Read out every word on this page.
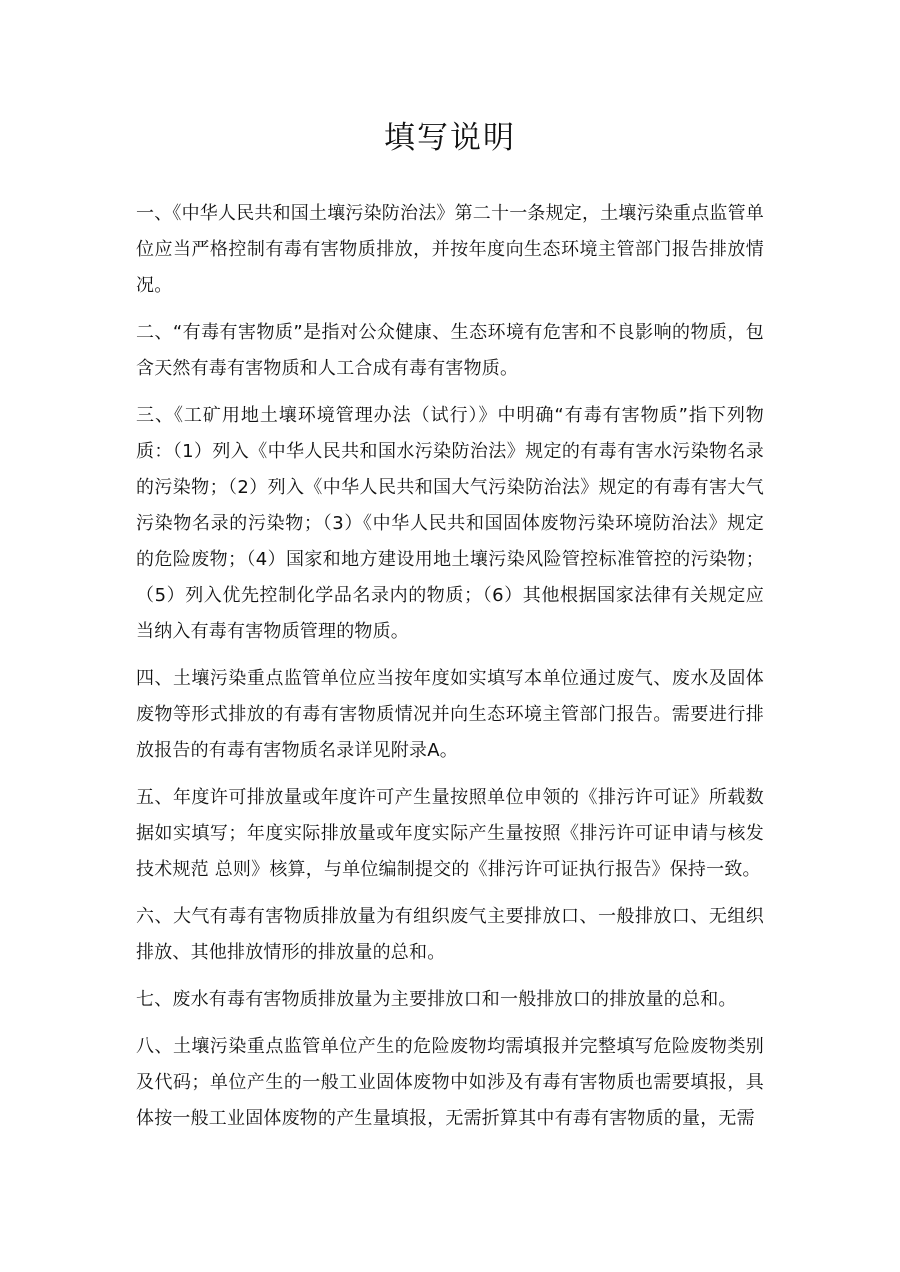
填写说明

一、《中华人民共和国土壤污染防治法》第二十一条规定，土壤污染重点监管单位应当严格控制有毒有害物质排放，并按年度向生态环境主管部门报告排放情况。

二、“有毒有害物质”是指对公众健康、生态环境有危害和不良影响的物质，包含天然有毒有害物质和人工合成有毒有害物质。

三、《工矿用地土壤环境管理办法（试行）》中明确“有毒有害物质”指下列物质：（1）列入《中华人民共和国水污染防治法》规定的有毒有害水污染物名录的污染物；（2）列入《中华人民共和国大气污染防治法》规定的有毒有害大气污染物名录的污染物；（3）《中华人民共和国固体废物污染环境防治法》规定的危险废物；（4）国家和地方建设用地土壤污染风险管控标准管控的污染物；（5）列入优先控制化学品名录内的物质；（6）其他根据国家法律有关规定应当纳入有毒有害物质管理的物质。

四、土壤污染重点监管单位应当按年度如实填写本单位通过废气、废水及固体废物等形式排放的有毒有害物质情况并向生态环境主管部门报告。需要进行排放报告的有毒有害物质名录详见附录A。

五、年度许可排放量或年度许可产生量按照单位申领的《排污许可证》所载数据如实填写；年度实际排放量或年度实际产生量按照《排污许可证申请与核发技术规范 总则》核算，与单位编制提交的《排污许可证执行报告》保持一致。

六、大气有毒有害物质排放量为有组织废气主要排放口、一般排放口、无组织排放、其他排放情形的排放量的总和。

七、废水有毒有害物质排放量为主要排放口和一般排放口的排放量的总和。

八、土壤污染重点监管单位产生的危险废物均需填报并完整填写危险废物类别及代码；单位产生的一般工业固体废物中如涉及有毒有害物质也需要填报，具体按一般工业固体废物的产生量填报，无需折算其中有毒有害物质的量，无需
